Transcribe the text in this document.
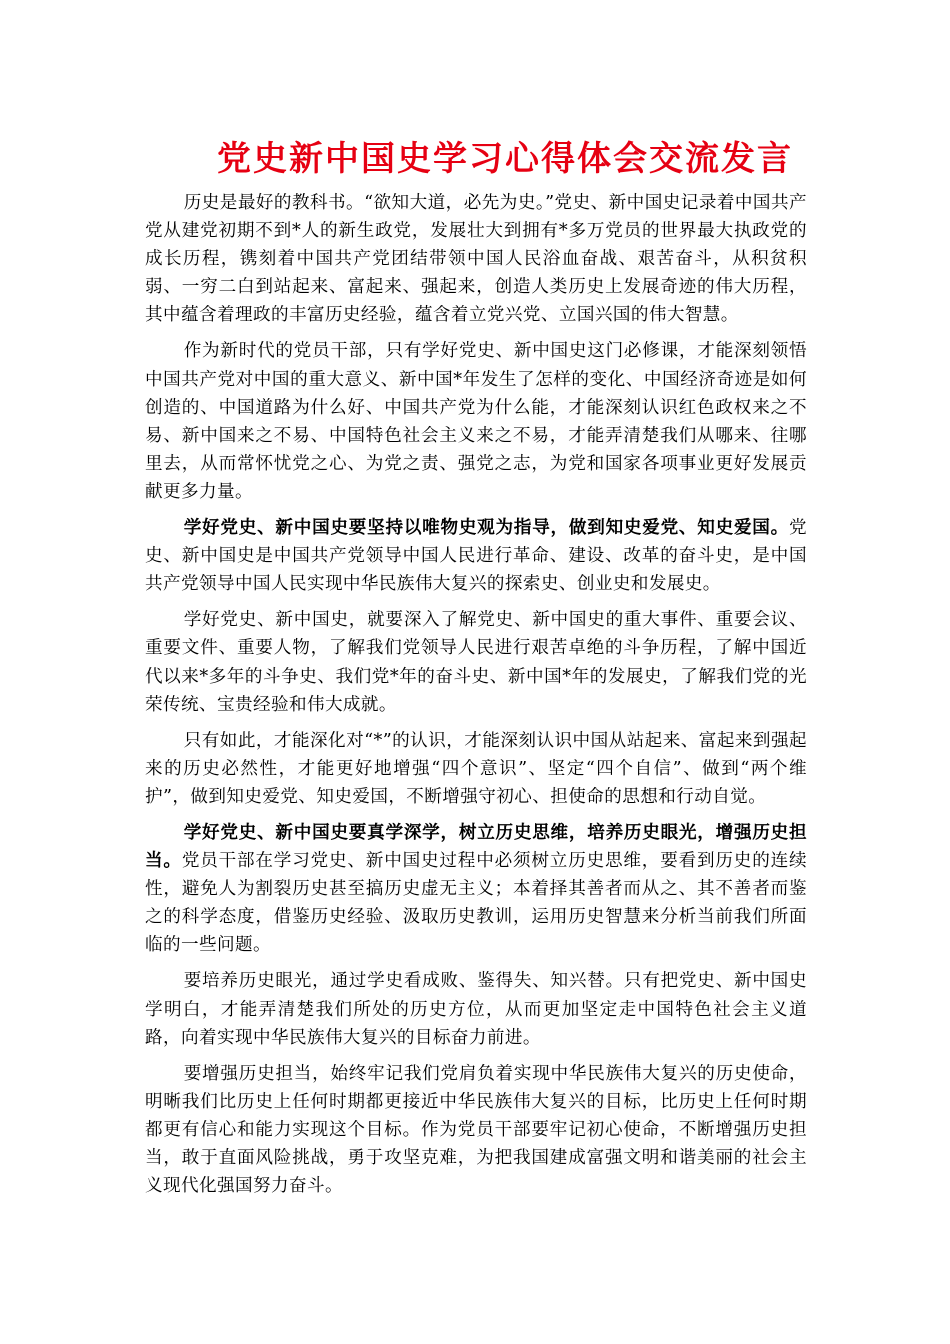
党史新中国史学习心得体会交流发言

历史是最好的教科书。“欲知大道，必先为史。”党史、新中国史记录着中国共产党从建党初期不到*人的新生政党，发展壮大到拥有*多万党员的世界最大执政党的成长历程，镌刻着中国共产党团结带领中国人民浴血奋战、艰苦奋斗，从积贫积弱、一穷二白到站起来、富起来、强起来，创造人类历史上发展奇迹的伟大历程，其中蕴含着理政的丰富历史经验，蕴含着立党兴党、立国兴国的伟大智慧。

作为新时代的党员干部，只有学好党史、新中国史这门必修课，才能深刻领悟中国共产党对中国的重大意义、新中国*年发生了怎样的变化、中国经济奇迹是如何创造的、中国道路为什么好、中国共产党为什么能，才能深刻认识红色政权来之不易、新中国来之不易、中国特色社会主义来之不易，才能弄清楚我们从哪来、往哪里去，从而常怀忧党之心、为党之责、强党之志，为党和国家各项事业更好发展贡献更多力量。

学好党史、新中国史要坚持以唯物史观为指导，做到知史爱党、知史爱国。党史、新中国史是中国共产党领导中国人民进行革命、建设、改革的奋斗史，是中国共产党领导中国人民实现中华民族伟大复兴的探索史、创业史和发展史。

学好党史、新中国史，就要深入了解党史、新中国史的重大事件、重要会议、重要文件、重要人物，了解我们党领导人民进行艰苦卓绝的斗争历程，了解中国近代以来*多年的斗争史、我们党*年的奋斗史、新中国*年的发展史，了解我们党的光荣传统、宝贵经验和伟大成就。

只有如此，才能深化对“*”的认识，才能深刻认识中国从站起来、富起来到强起来的历史必然性，才能更好地增强“四个意识”、坚定“四个自信”、做到“两个维护”，做到知史爱党、知史爱国，不断增强守初心、担使命的思想和行动自觉。

学好党史、新中国史要真学深学，树立历史思维，培养历史眼光，增强历史担当。党员干部在学习党史、新中国史过程中必须树立历史思维，要看到历史的连续性，避免人为割裂历史甚至搞历史虚无主义；本着择其善者而从之、其不善者而鉴之的科学态度，借鉴历史经验、汲取历史教训，运用历史智慧来分析当前我们所面临的一些问题。

要培养历史眼光，通过学史看成败、鉴得失、知兴替。只有把党史、新中国史学明白，才能弄清楚我们所处的历史方位，从而更加坚定走中国特色社会主义道路，向着实现中华民族伟大复兴的目标奋力前进。

要增强历史担当，始终牢记我们党肩负着实现中华民族伟大复兴的历史使命，明晰我们比历史上任何时期都更接近中华民族伟大复兴的目标，比历史上任何时期都更有信心和能力实现这个目标。作为党员干部要牢记初心使命，不断增强历史担当，敢于直面风险挑战，勇于攻坚克难，为把我国建成富强文明和谐美丽的社会主义现代化强国努力奋斗。
